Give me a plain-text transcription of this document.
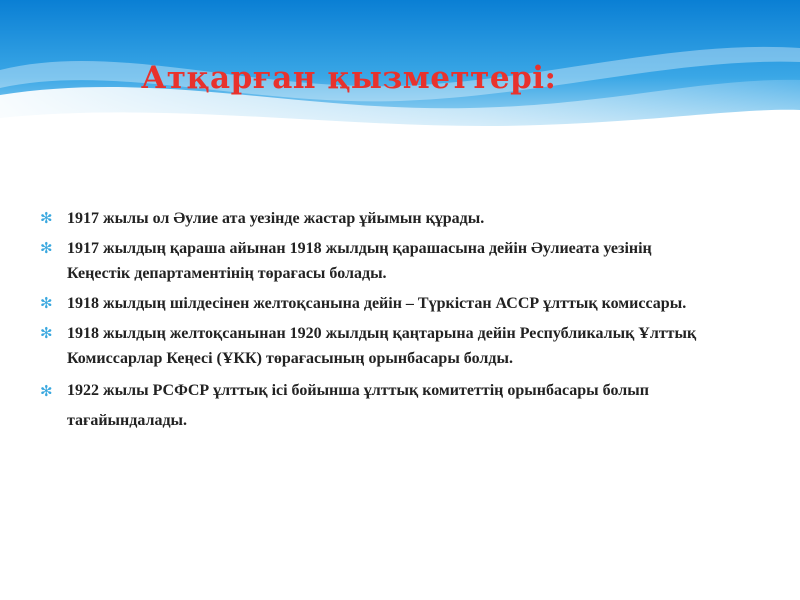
Атқарған қызметтері:
✻ 1917 жылы ол Әулие ата уезінде жастар ұйымын құрады.
✻ 1917 жылдың қараша айынан 1918 жылдың қарашасына дейін Әулиеата уезінің Кеңестік департаментінің төрағасы болады.
✻ 1918 жылдың шілдесінен желтоқсанына дейін – Түркістан АССР ұлттық комиссары.
✻ 1918 жылдың желтоқсанынан 1920 жылдың қаңтарына дейін Республикалық Ұлттық Комиссарлар Кеңесі (ҰКК) төрағасының орынбасары болды.
✻ 1922 жылы РСФСР ұлттық ісі бойынша ұлттық комитеттің орынбасары болып тағайындалады.
